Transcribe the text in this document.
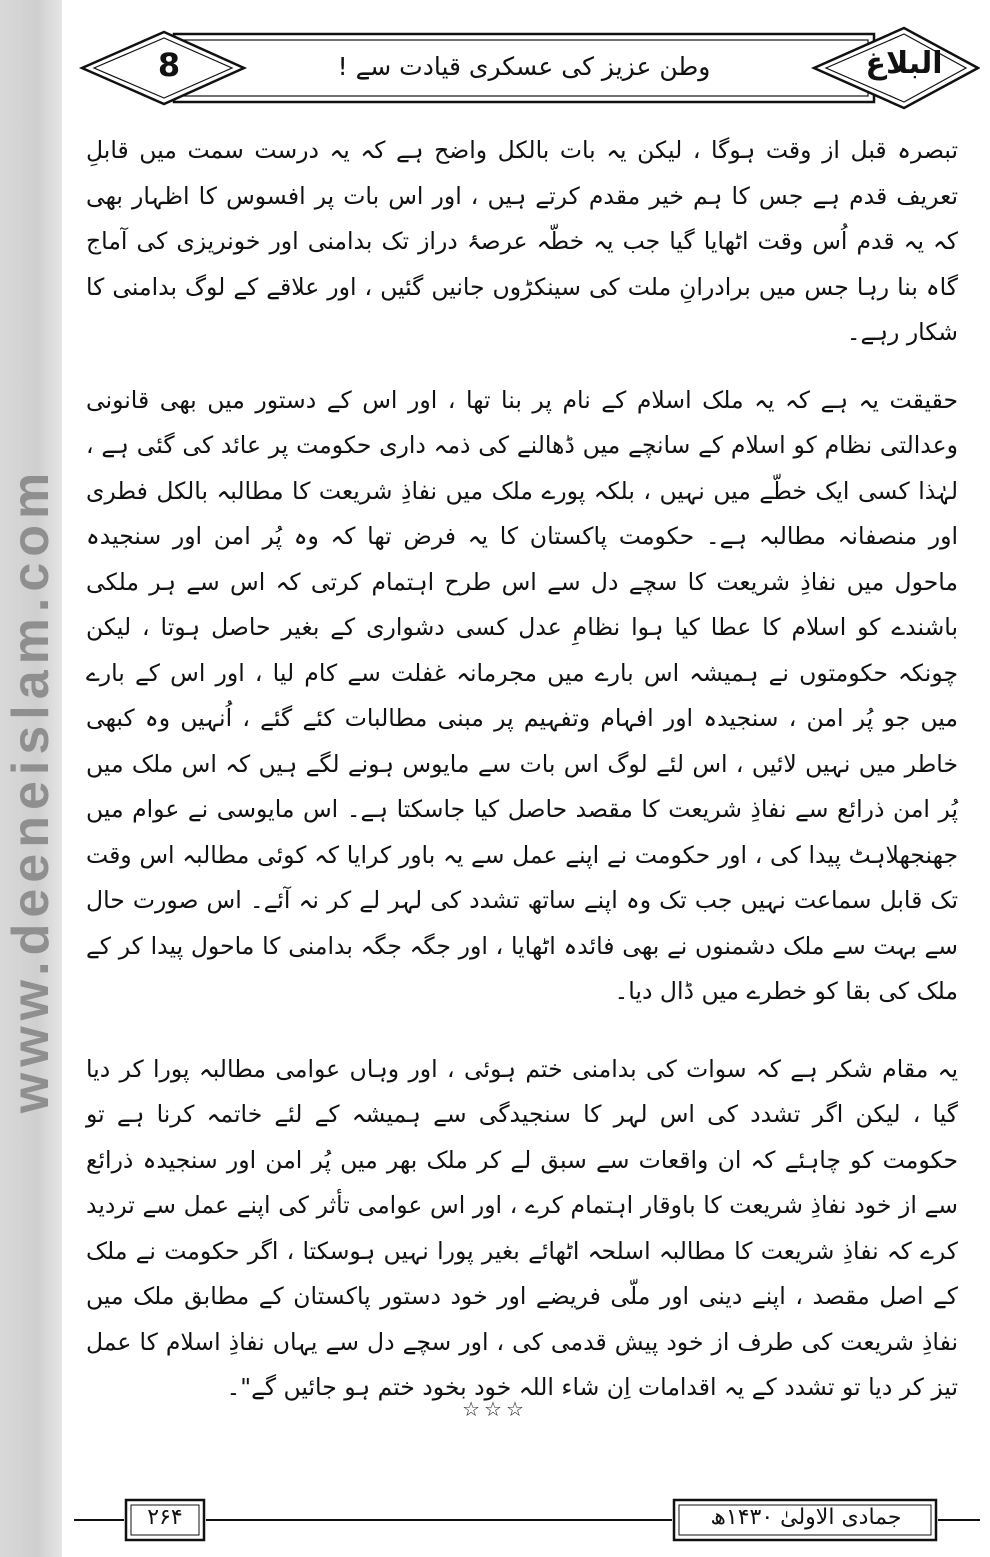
www.deeneislam.com
8	وطن عزیز کی عسکری قیادت سے !	البلاغ

تبصرہ قبل از وقت ہوگا ، لیکن یہ بات بالکل واضح ہے کہ یہ درست سمت میں قابلِ تعریف قدم ہے جس کا ہم خیر مقدم کرتے ہیں ، اور اس بات پر افسوس کا اظہار بھی کہ یہ قدم اُس وقت اٹھایا گیا جب یہ خطّہ عرصۂ دراز تک بدامنی اور خونریزی کی آماج گاہ بنا رہا جس میں برادرانِ ملت کی سینکڑوں جانیں گئیں ، اور علاقے کے لوگ بدامنی کا شکار رہے۔

حقیقت یہ ہے کہ یہ ملک اسلام کے نام پر بنا تھا ، اور اس کے دستور میں بھی قانونی وعدالتی نظام کو اسلام کے سانچے میں ڈھالنے کی ذمہ داری حکومت پر عائد کی گئی ہے ، لہٰذا کسی ایک خطّے میں نہیں ، بلکہ پورے ملک میں نفاذِ شریعت کا مطالبہ بالکل فطری اور منصفانہ مطالبہ ہے۔ حکومت پاکستان کا یہ فرض تھا کہ وہ پُر امن اور سنجیدہ ماحول میں نفاذِ شریعت کا سچے دل سے اس طرح اہتمام کرتی کہ اس سے ہر ملکی باشندے کو اسلام کا عطا کیا ہوا نظامِ عدل کسی دشواری کے بغیر حاصل ہوتا ، لیکن چونکہ حکومتوں نے ہمیشہ اس بارے میں مجرمانہ غفلت سے کام لیا ، اور اس کے بارے میں جو پُر امن ، سنجیدہ اور افہام وتفہیم پر مبنی مطالبات کئے گئے ، اُنہیں وہ کبھی خاطر میں نہیں لائیں ، اس لئے لوگ اس بات سے مایوس ہونے لگے ہیں کہ اس ملک میں پُر امن ذرائع سے نفاذِ شریعت کا مقصد حاصل کیا جاسکتا ہے۔ اس مایوسی نے عوام میں جھنجھلاہٹ پیدا کی ، اور حکومت نے اپنے عمل سے یہ باور کرایا کہ کوئی مطالبہ اس وقت تک قابل سماعت نہیں جب تک وہ اپنے ساتھ تشدد کی لہر لے کر نہ آئے۔ اس صورت حال سے بہت سے ملک دشمنوں نے بھی فائدہ اٹھایا ، اور جگہ جگہ بدامنی کا ماحول پیدا کر کے ملک کی بقا کو خطرے میں ڈال دیا۔

یہ مقام شکر ہے کہ سوات کی بدامنی ختم ہوئی ، اور وہاں عوامی مطالبہ پورا کر دیا گیا ، لیکن اگر تشدد کی اس لہر کا سنجیدگی سے ہمیشہ کے لئے خاتمہ کرنا ہے تو حکومت کو چاہئے کہ ان واقعات سے سبق لے کر ملک بھر میں پُر امن اور سنجیدہ ذرائع سے از خود نفاذِ شریعت کا باوقار اہتمام کرے ، اور اس عوامی تأثر کی اپنے عمل سے تردید کرے کہ نفاذِ شریعت کا مطالبہ اسلحہ اٹھائے بغیر پورا نہیں ہوسکتا ، اگر حکومت نے ملک کے اصل مقصد ، اپنے دینی اور ملّی فریضے اور خود دستور پاکستان کے مطابق ملک میں نفاذِ شریعت کی طرف از خود پیش قدمی کی ، اور سچے دل سے یہاں نفاذِ اسلام کا عمل تیز کر دیا تو تشدد کے یہ اقدامات اِن شاء اللہ خود بخود ختم ہو جائیں گے"۔

☆☆☆
۲۶۴	جمادی الاولیٰ ۱۴۳۰ھ
